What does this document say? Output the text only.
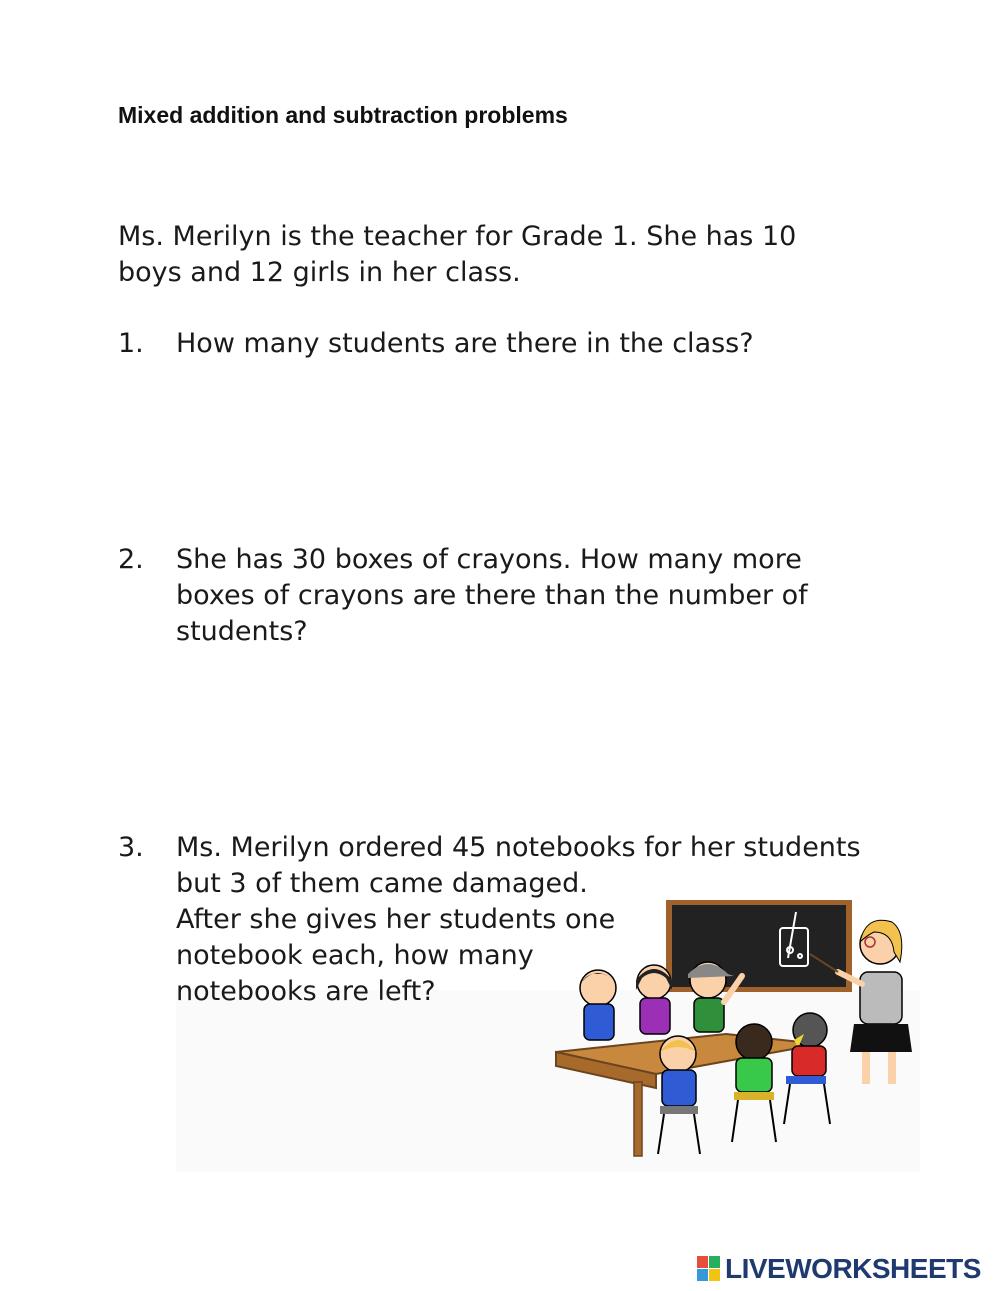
Mixed addition and subtraction problems
Ms. Merilyn is the teacher for Grade 1. She has 10 boys and 12 girls in her class.
1. How many students are there in the class?
2. She has 30 boxes of crayons. How many more boxes of crayons are there than the number of students?
3. Ms. Merilyn ordered 45 notebooks for her students
but 3 of them came damaged.
After she gives her students one
notebook each, how many
notebooks are left?
LIVEWORKSHEETS
